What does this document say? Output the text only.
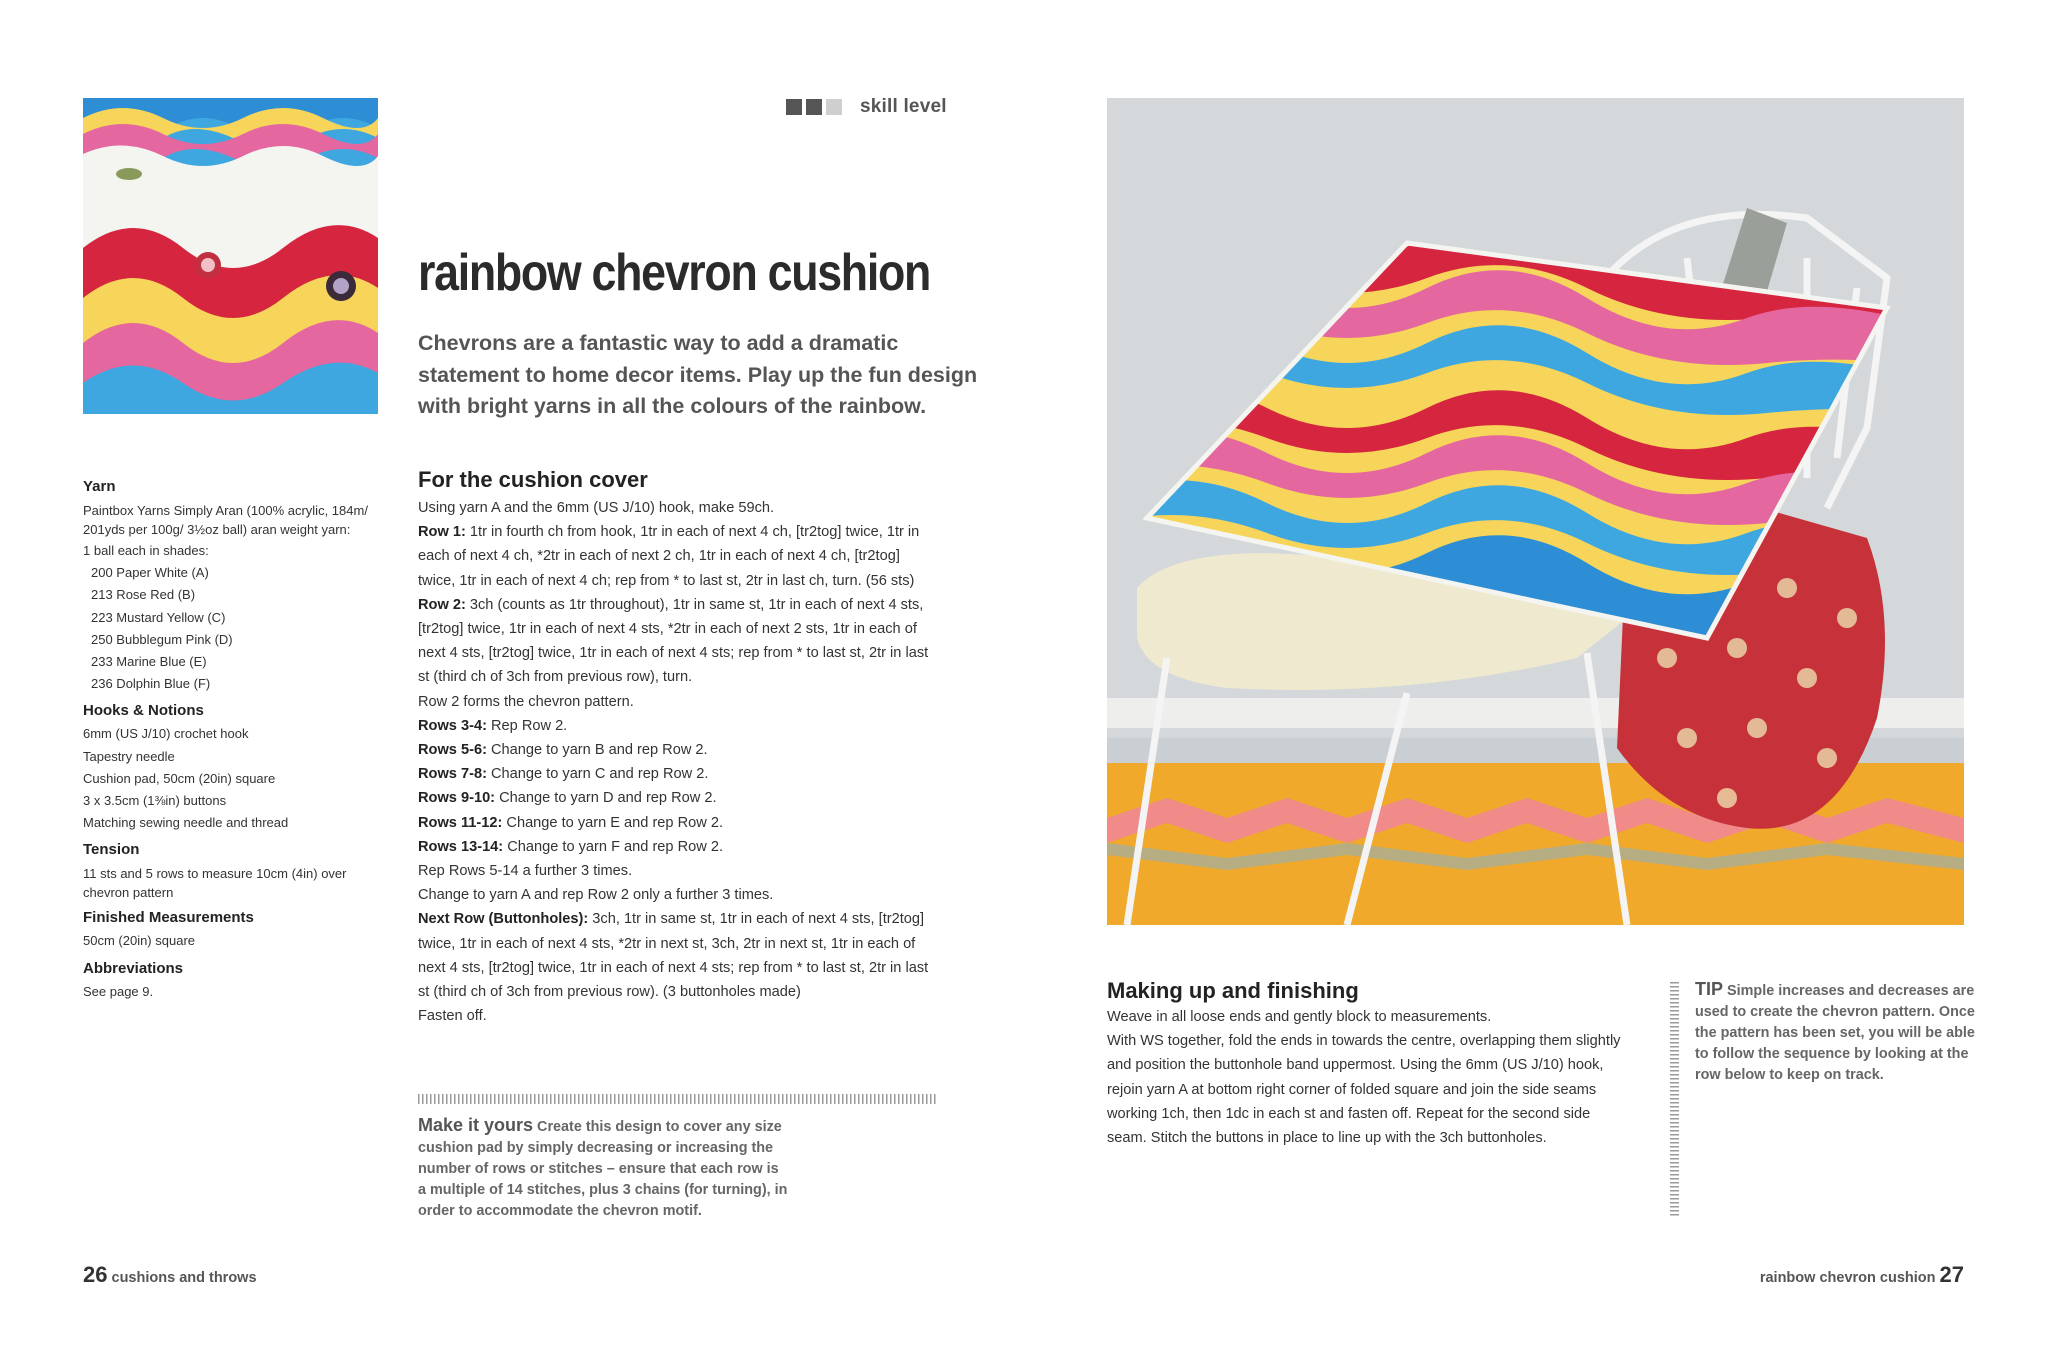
skill level
rainbow chevron cushion
Chevrons are a fantastic way to add a dramatic statement to home decor items. Play up the fun design with bright yarns in all the colours of the rainbow.
Yarn
Paintbox Yarns Simply Aran (100% acrylic, 184m/ 201yds per 100g/ 3½oz ball) aran weight yarn:
1 ball each in shades:
200 Paper White (A)
213 Rose Red (B)
223 Mustard Yellow (C)
250 Bubblegum Pink (D)
233 Marine Blue (E)
236 Dolphin Blue (F)
Hooks & Notions
6mm (US J/10) crochet hook
Tapestry needle
Cushion pad, 50cm (20in) square
3 x 3.5cm (1⅜in) buttons
Matching sewing needle and thread
Tension
11 sts and 5 rows to measure 10cm (4in) over chevron pattern
Finished Measurements
50cm (20in) square
Abbreviations
See page 9.
For the cushion cover

Using yarn A and the 6mm (US J/10) hook, make 59ch.

Row 1: 1tr in fourth ch from hook, 1tr in each of next 4 ch, [tr2tog] twice, 1tr in each of next 4 ch, *2tr in each of next 2 ch, 1tr in each of next 4 ch, [tr2tog] twice, 1tr in each of next 4 ch; rep from * to last st, 2tr in last ch, turn. (56 sts)

Row 2: 3ch (counts as 1tr throughout), 1tr in same st, 1tr in each of next 4 sts, [tr2tog] twice, 1tr in each of next 4 sts, *2tr in each of next 2 sts, 1tr in each of next 4 sts, [tr2tog] twice, 1tr in each of next 4 sts; rep from * to last st, 2tr in last st (third ch of 3ch from previous row), turn.

Row 2 forms the chevron pattern.

Rows 3-4: Rep Row 2.

Rows 5-6: Change to yarn B and rep Row 2.

Rows 7-8: Change to yarn C and rep Row 2.

Rows 9-10: Change to yarn D and rep Row 2.

Rows 11-12: Change to yarn E and rep Row 2.

Rows 13-14: Change to yarn F and rep Row 2.

Rep Rows 5-14 a further 3 times.

Change to yarn A and rep Row 2 only a further 3 times.

Next Row (Buttonholes): 3ch, 1tr in same st, 1tr in each of next 4 sts, [tr2tog] twice, 1tr in each of next 4 sts, *2tr in next st, 3ch, 2tr in next st, 1tr in each of next 4 sts, [tr2tog] twice, 1tr in each of next 4 sts; rep from * to last st, 2tr in last st (third ch of 3ch from previous row). (3 buttonholes made)

Fasten off.

Make it yours Create this design to cover any size cushion pad by simply decreasing or increasing the number of rows or stitches – ensure that each row is a multiple of 14 stitches, plus 3 chains (for turning), in order to accommodate the chevron motif.
Making up and finishing

Weave in all loose ends and gently block to measurements.

With WS together, fold the ends in towards the centre, overlapping them slightly and position the buttonhole band uppermost. Using the 6mm (US J/10) hook, rejoin yarn A at bottom right corner of folded square and join the side seams working 1ch, then 1dc in each st and fasten off. Repeat for the second side seam. Stitch the buttons in place to line up with the 3ch buttonholes.

TIP Simple increases and decreases are used to create the chevron pattern. Once the pattern has been set, you will be able to follow the sequence by looking at the row below to keep on track.
26 cushions and throws	rainbow chevron cushion 27
